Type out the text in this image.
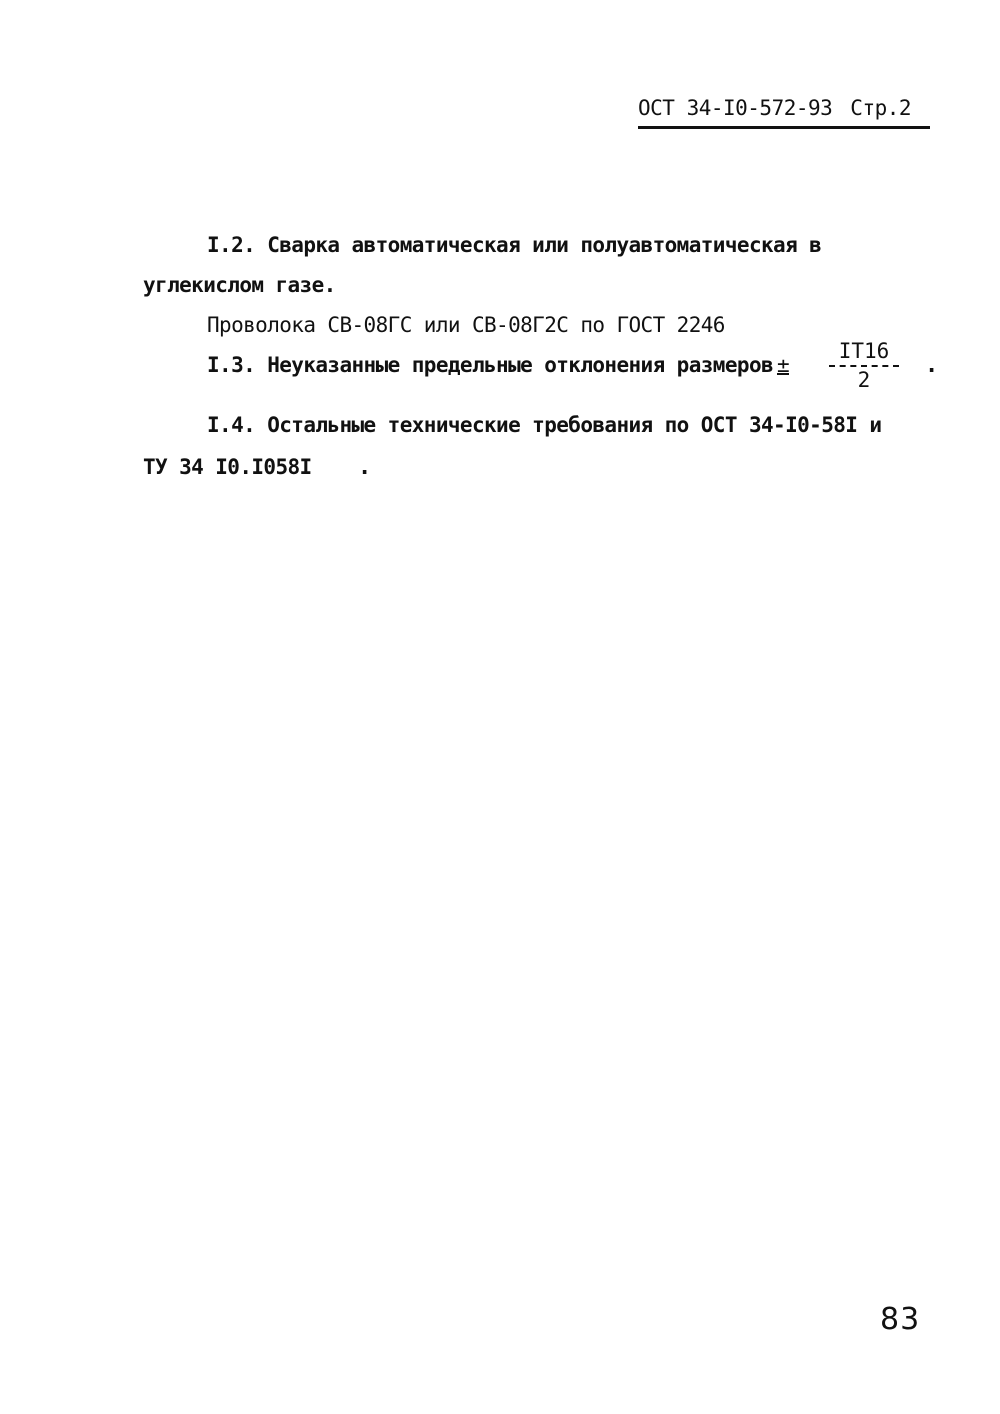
ОСТ 34-I0-572-93 Стр.2
I.2. Сварка автоматическая или полуавтоматическая в
углекислом газе.
Проволока СВ-08ГС или СВ-08Г2С по ГОСТ 2246
I.3. Неуказанные предельные отклонения размеров ±
IT16
2
.
I.4. Остальные технические требования по ОСТ 34-I0-58I и
ТУ 34 I0.I058I .
83
